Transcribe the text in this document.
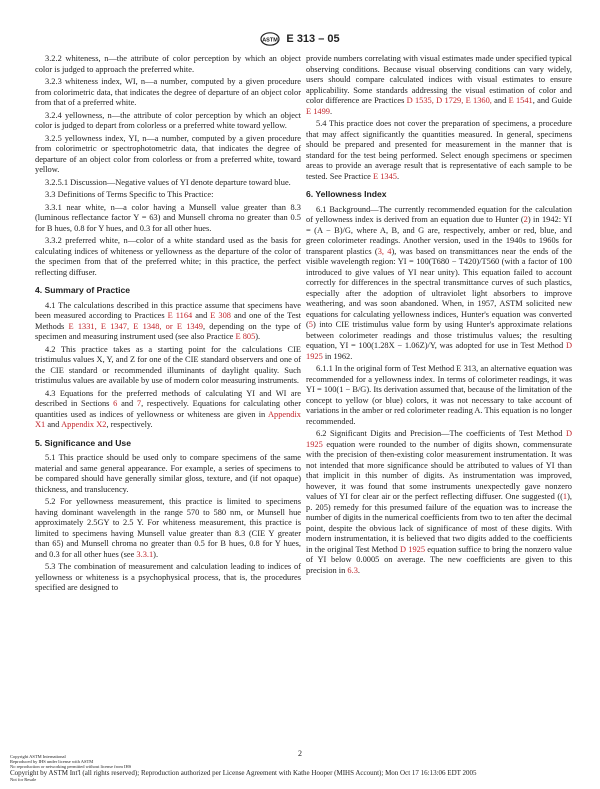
ASTM E 313 – 05

3.2.2 whiteness, n—the attribute of color perception by which an object color is judged to approach the preferred white.

3.2.3 whiteness index, WI, n—a number, computed by a given procedure from colorimetric data, that indicates the degree of departure of an object color from that of a preferred white.

3.2.4 yellowness, n—the attribute of color perception by which an object color is judged to depart from colorless or a preferred white toward yellow.

3.2.5 yellowness index, YI, n—a number, computed by a given procedure from colorimetric or spectrophotometric data, that indicates the degree of departure of an object color from colorless or from a preferred white, toward yellow.

3.2.5.1 Discussion—Negative values of YI denote departure toward blue.

3.3 Definitions of Terms Specific to This Practice:

3.3.1 near white, n—a color having a Munsell value greater than 8.3 (luminous reflectance factor Y = 63) and Munsell chroma no greater than 0.5 for B hues, 0.8 for Y hues, and 0.3 for all other hues.

3.3.2 preferred white, n—color of a white standard used as the basis for calculating indices of whiteness or yellowness as the departure of the color of the specimen from that of the preferred white; in this practice, the perfect reflecting diffuser.

4. Summary of Practice

4.1 The calculations described in this practice assume that specimens have been measured according to Practices E 1164 and E 308 and one of the Test Methods E 1331, E 1347, E 1348, or E 1349, depending on the type of specimen and measuring instrument used (see also Practice E 805).

4.2 This practice takes as a starting point for the calculations CIE tristimulus values X, Y, and Z for one of the CIE standard observers and one of the CIE standard or recommended illuminants of daylight quality. Such tristimulus values are available by use of modern color measuring instruments.

4.3 Equations for the preferred methods of calculating YI and WI are described in Sections 6 and 7, respectively. Equations for calculating other quantities used as indices of yellowness or whiteness are given in Appendix X1 and Appendix X2, respectively.

5. Significance and Use

5.1 This practice should be used only to compare specimens of the same material and same general appearance. For example, a series of specimens to be compared should have generally similar gloss, texture, and (if not opaque) thickness, and translucency.

5.2 For yellowness measurement, this practice is limited to specimens having dominant wavelength in the range 570 to 580 nm, or Munsell hue approximately 2.5GY to 2.5 Y. For whiteness measurement, this practice is limited to specimens having Munsell value greater than 8.3 (CIE Y greater than 65) and Munsell chroma no greater than 0.5 for B hues, 0.8 for Y hues, and 0.3 for all other hues (see 3.3.1).

5.3 The combination of measurement and calculation leading to indices of yellowness or whiteness is a psychophysical process, that is, the procedures specified are designed to

provide numbers correlating with visual estimates made under specified typical observing conditions. Because visual observing conditions can vary widely, users should compare calculated indices with visual estimates to ensure applicability. Some standards addressing the visual estimation of color and color difference are Practices D 1535, D 1729, E 1360, and E 1541, and Guide E 1499.

5.4 This practice does not cover the preparation of specimens, a procedure that may affect significantly the quantities measured. In general, specimens should be prepared and presented for measurement in the manner that is standard for the test being performed. Select enough specimens or specimen areas to provide an average result that is representative of each sample to be tested. See Practice E 1345.

6. Yellowness Index

6.1 Background—The currently recommended equation for the calculation of yellowness index is derived from an equation due to Hunter (2) in 1942: YI = (A − B)/G, where A, B, and G are, respectively, amber or red, blue, and green colorimeter readings. Another version, used in the 1940s to 1960s for transparent plastics (3, 4), was based on transmittances near the ends of the visible wavelength region: YI = 100(T680 − T420)/T560 (with a factor of 100 introduced to give values of YI near unity). This equation failed to account correctly for differences in the spectral transmittance curves of such plastics, especially after the adoption of ultraviolet light absorbers to improve weathering, and was soon abandoned. When, in 1957, ASTM solicited new equations for calculating yellowness indices, Hunter's equation was converted (5) into CIE tristimulus value form by using Hunter's approximate relations between colorimeter readings and those tristimulus values; the resulting equation, YI = 100(1.28X − 1.06Z)/Y, was adopted for use in Test Method D 1925 in 1962.

6.1.1 In the original form of Test Method E 313, an alternative equation was recommended for a yellowness index. In terms of colorimeter readings, it was YI = 100(1 − B/G). Its derivation assumed that, because of the limitation of the concept to yellow (or blue) colors, it was not necessary to take account of variations in the amber or red colorimeter reading A. This equation is no longer recommended.

6.2 Significant Digits and Precision—The coefficients of Test Method D 1925 equation were rounded to the number of digits shown, commensurate with the precision of then-existing color measurement instrumentation. It was not intended that more significance should be attributed to values of YI than that implicit in this number of digits. As instrumentation was improved, however, it was found that some instruments unexpectedly gave nonzero values of YI for clear air or the perfect reflecting diffuser. One suggested ((1), p. 205) remedy for this presumed failure of the equation was to increase the number of digits in the numerical coefficients from two to ten after the decimal point, despite the obvious lack of significance of most of these digits. With modern instrumentation, it is believed that two digits added to the coefficients in the original Test Method D 1925 equation suffice to bring the nonzero value of YI below 0.0005 on average. The new coefficients are given to this precision in 6.3.

2
Copyright ASTM International
Reproduced by IHS under license with ASTM
No reproduction or networking permitted without license from IHS
Copyright by ASTM Int'l (all rights reserved); Reproduction authorized per License Agreement with Kathe Hooper (MIHS Account); Mon Oct 17 16:13:06 EDT 2005
Not for Resale
